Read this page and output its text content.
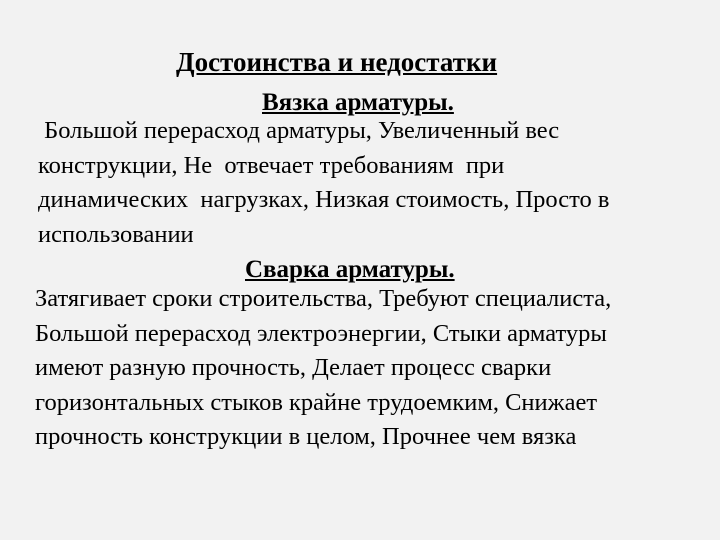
Достоинства и недостатки
Вязка арматуры.
Большой перерасход арматуры, Увеличенный вес
конструкции, Не  отвечает требованиям  при
динамических  нагрузках, Низкая стоимость, Просто в
использовании
Сварка арматуры.
Затягивает сроки строительства, Требуют специалиста,
Большой перерасход электроэнергии, Стыки арматуры
имеют разную прочность, Делает процесс сварки
горизонтальных стыков крайне трудоемким, Снижает
прочность конструкции в целом, Прочнее чем вязка
